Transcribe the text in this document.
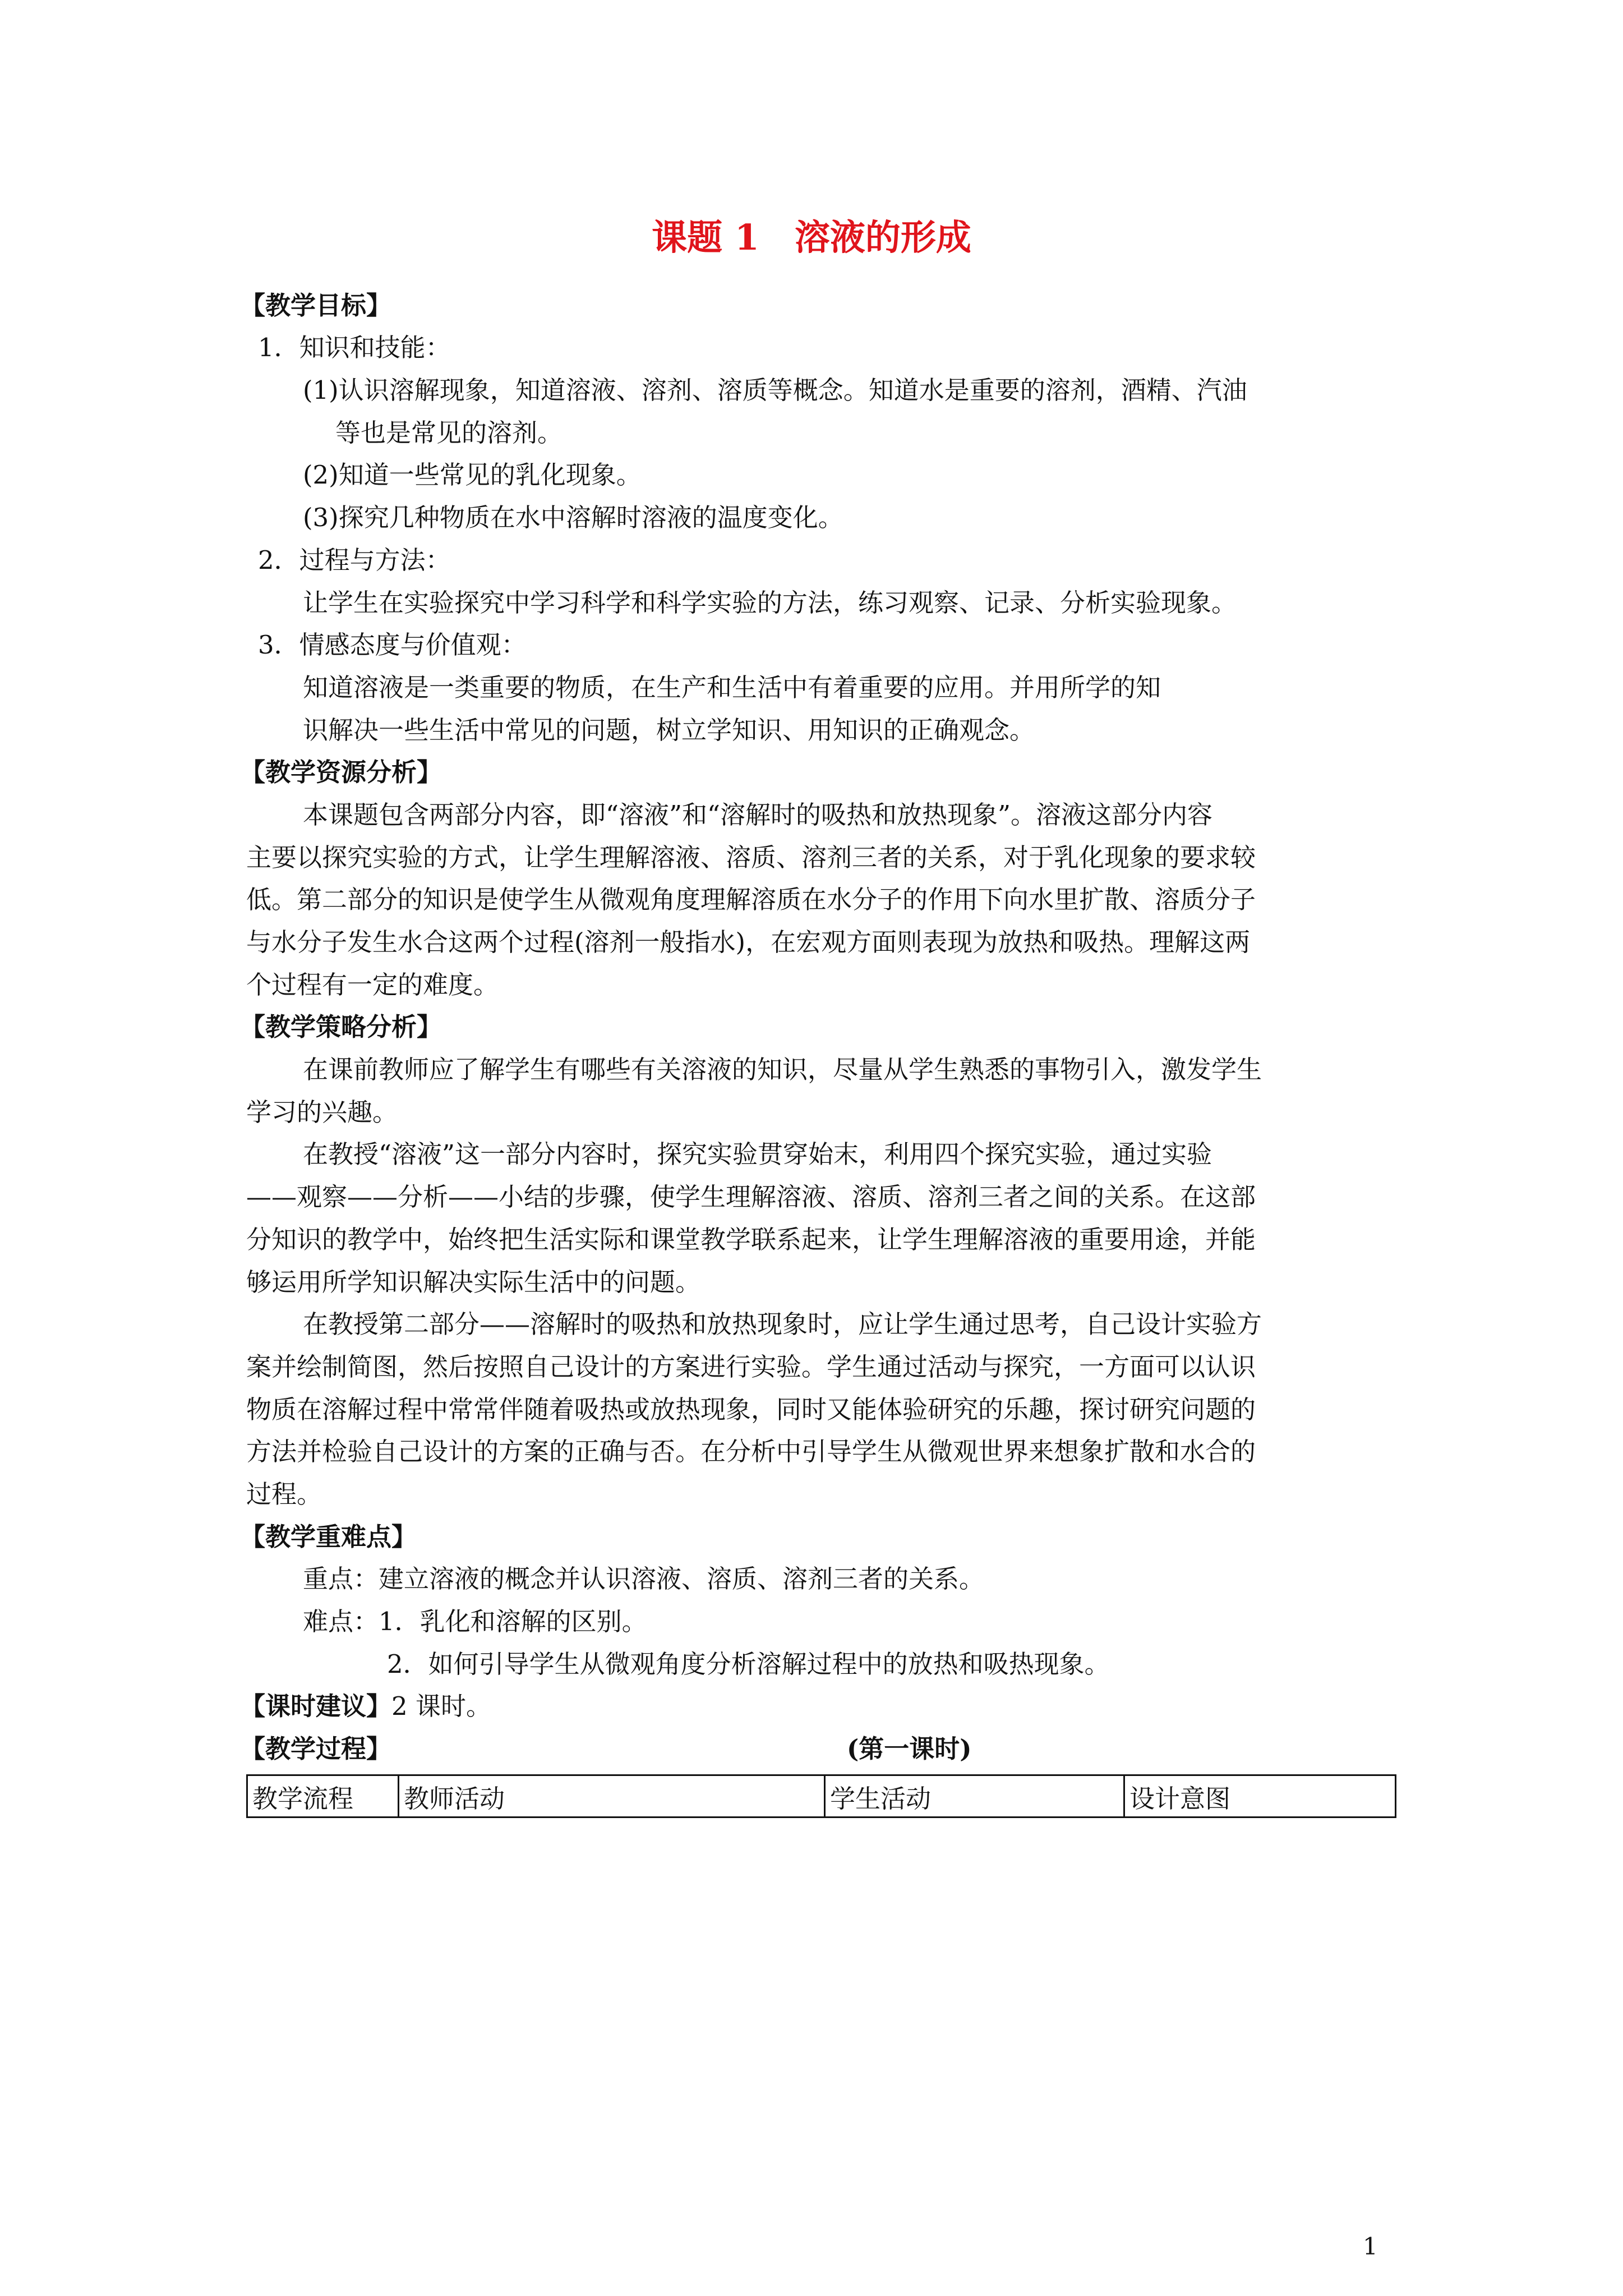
课题 1　溶液的形成
【教学目标】
1．知识和技能：
(1)认识溶解现象，知道溶液、溶剂、溶质等概念。知道水是重要的溶剂，酒精、汽油
等也是常见的溶剂。
(2)知道一些常见的乳化现象。
(3)探究几种物质在水中溶解时溶液的温度变化。
2．过程与方法：
让学生在实验探究中学习科学和科学实验的方法，练习观察、记录、分析实验现象。
3．情感态度与价值观：
知道溶液是一类重要的物质，在生产和生活中有着重要的应用。并用所学的知
识解决一些生活中常见的问题，树立学知识、用知识的正确观念。
【教学资源分析】
本课题包含两部分内容，即“溶液”和“溶解时的吸热和放热现象”。溶液这部分内容
主要以探究实验的方式，让学生理解溶液、溶质、溶剂三者的关系，对于乳化现象的要求较
低。第二部分的知识是使学生从微观角度理解溶质在水分子的作用下向水里扩散、溶质分子
与水分子发生水合这两个过程(溶剂一般指水)，在宏观方面则表现为放热和吸热。理解这两
个过程有一定的难度。
【教学策略分析】
在课前教师应了解学生有哪些有关溶液的知识，尽量从学生熟悉的事物引入，激发学生
学习的兴趣。
在教授“溶液”这一部分内容时，探究实验贯穿始末，利用四个探究实验，通过实验
——观察——分析——小结的步骤，使学生理解溶液、溶质、溶剂三者之间的关系。在这部
分知识的教学中，始终把生活实际和课堂教学联系起来，让学生理解溶液的重要用途，并能
够运用所学知识解决实际生活中的问题。
在教授第二部分——溶解时的吸热和放热现象时，应让学生通过思考，自己设计实验方
案并绘制简图，然后按照自己设计的方案进行实验。学生通过活动与探究，一方面可以认识
物质在溶解过程中常常伴随着吸热或放热现象，同时又能体验研究的乐趣，探讨研究问题的
方法并检验自己设计的方案的正确与否。在分析中引导学生从微观世界来想象扩散和水合的
过程。
【教学重难点】
重点：建立溶液的概念并认识溶液、溶质、溶剂三者的关系。
难点：1．乳化和溶解的区别。
2．如何引导学生从微观角度分析溶解过程中的放热和吸热现象。
【课时建议】2 课时。
【教学过程】	(第一课时)
教学流程	教师活动	学生活动	设计意图
1
